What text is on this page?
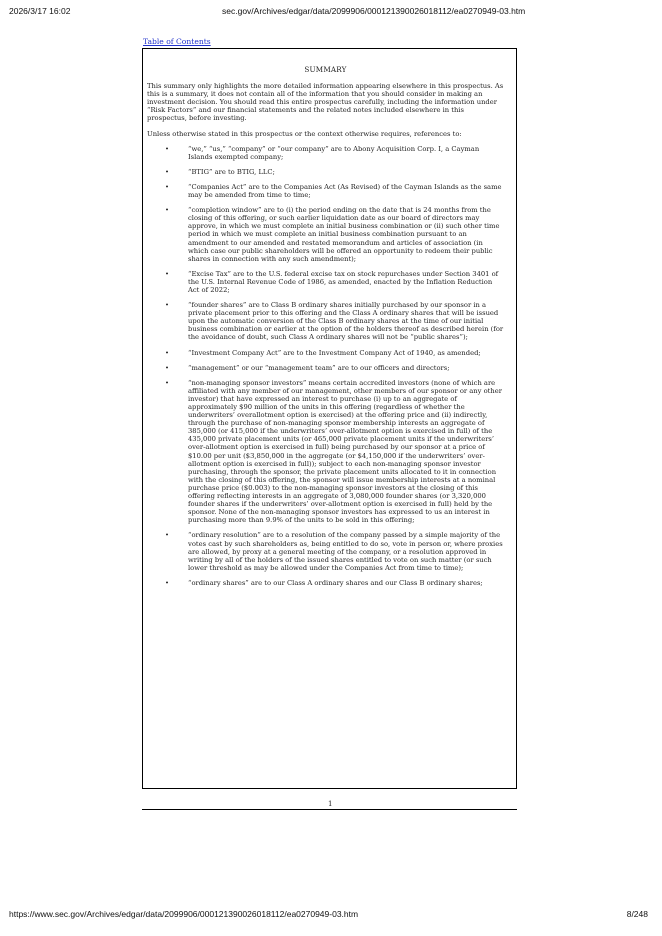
2026/3/17 16:02	sec.gov/Archives/edgar/data/2099906/000121390026018112/ea0270949-03.htm
Table of Contents
SUMMARY

This summary only highlights the more detailed information appearing elsewhere in this prospectus. As this is a summary, it does not contain all of the information that you should consider in making an investment decision. You should read this entire prospectus carefully, including the information under “Risk Factors” and our financial statements and the related notes included elsewhere in this prospectus, before investing.

Unless otherwise stated in this prospectus or the context otherwise requires, references to:

•	“we,” “us,” “company” or “our company” are to Abony Acquisition Corp. I, a Cayman Islands exempted company;
•	“BTIG” are to BTIG, LLC;
•	“Companies Act” are to the Companies Act (As Revised) of the Cayman Islands as the same may be amended from time to time;
•	“completion window” are to (i) the period ending on the date that is 24 months from the closing of this offering, or such earlier liquidation date as our board of directors may approve, in which we must complete an initial business combination or (ii) such other time period in which we must complete an initial business combination pursuant to an amendment to our amended and restated memorandum and articles of association (in which case our public shareholders will be offered an opportunity to redeem their public shares in connection with any such amendment);
•	“Excise Tax” are to the U.S. federal excise tax on stock repurchases under Section 3401 of the U.S. Internal Revenue Code of 1986, as amended, enacted by the Inflation Reduction Act of 2022;
•	“founder shares” are to Class B ordinary shares initially purchased by our sponsor in a private placement prior to this offering and the Class A ordinary shares that will be issued upon the automatic conversion of the Class B ordinary shares at the time of our initial business combination or earlier at the option of the holders thereof as described herein (for the avoidance of doubt, such Class A ordinary shares will not be “public shares”);
•	“Investment Company Act” are to the Investment Company Act of 1940, as amended;
•	“management” or our “management team” are to our officers and directors;
•	“non-managing sponsor investors” means certain accredited investors (none of which are affiliated with any member of our management, other members of our sponsor or any other investor) that have expressed an interest to purchase (i) up to an aggregate of approximately $90 million of the units in this offering (regardless of whether the underwriters’ overallotment option is exercised) at the offering price and (ii) indirectly, through the purchase of non-managing sponsor membership interests an aggregate of 385,000 (or 415,000 if the underwriters’ over-allotment option is exercised in full) of the 435,000 private placement units (or 465,000 private placement units if the underwriters’ over-allotment option is exercised in full) being purchased by our sponsor at a price of $10.00 per unit ($3,850,000 in the aggregate (or $4,150,000 if the underwriters’ over-allotment option is exercised in full)); subject to each non-managing sponsor investor purchasing, through the sponsor, the private placement units allocated to it in connection with the closing of this offering, the sponsor will issue membership interests at a nominal purchase price ($0.003) to the non-managing sponsor investors at the closing of this offering reflecting interests in an aggregate of 3,080,000 founder shares (or 3,320,000 founder shares if the underwriters’ over-allotment option is exercised in full) held by the sponsor. None of the non-managing sponsor investors has expressed to us an interest in purchasing more than 9.9% of the units to be sold in this offering;
•	“ordinary resolution” are to a resolution of the company passed by a simple majority of the votes cast by such shareholders as, being entitled to do so, vote in person or, where proxies are allowed, by proxy at a general meeting of the company, or a resolution approved in writing by all of the holders of the issued shares entitled to vote on such matter (or such lower threshold as may be allowed under the Companies Act from time to time);
•	“ordinary shares” are to our Class A ordinary shares and our Class B ordinary shares;
1
https://www.sec.gov/Archives/edgar/data/2099906/000121390026018112/ea0270949-03.htm	8/248
